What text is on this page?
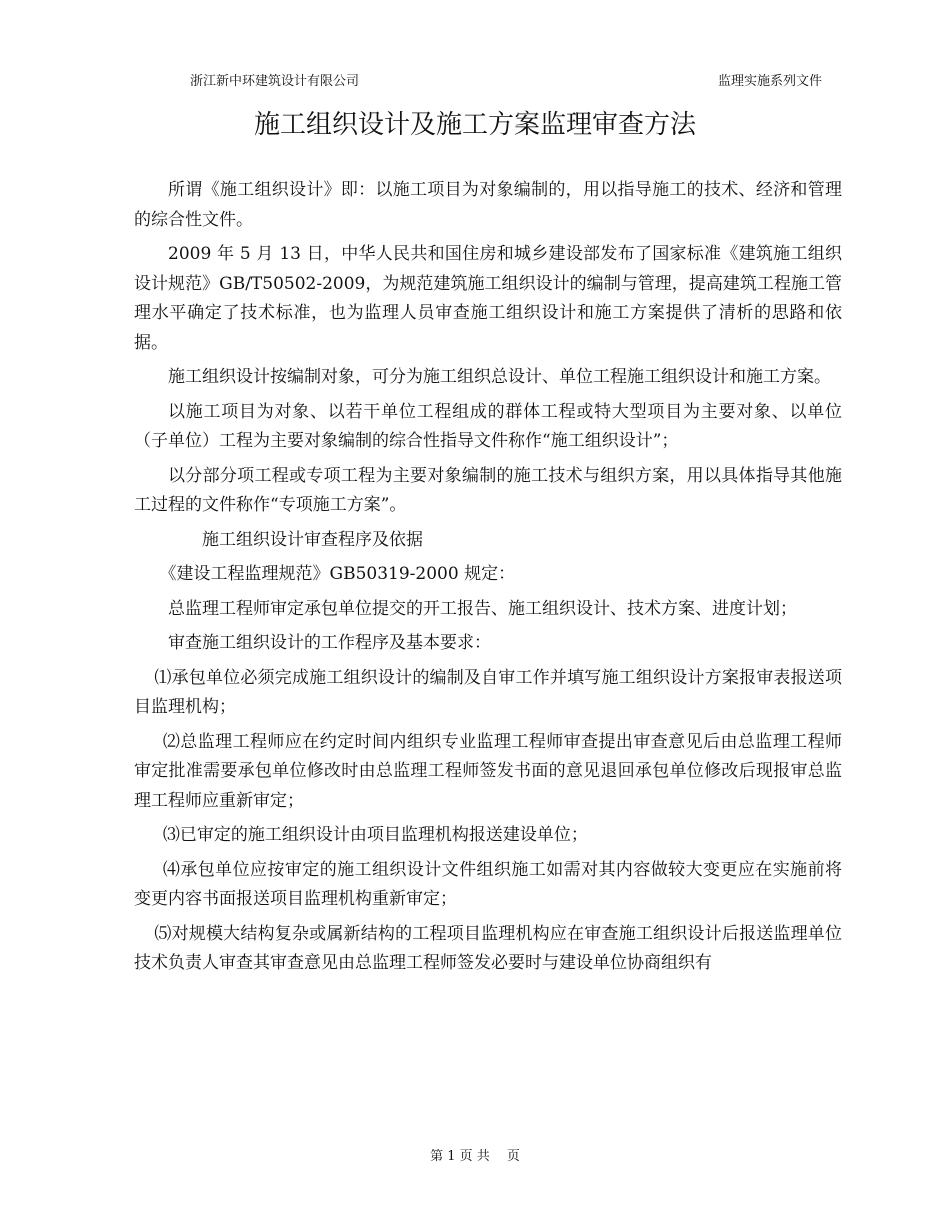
浙江新中环建筑设计有限公司	监理实施系列文件
施工组织设计及施工方案监理审查方法

所谓《施工组织设计》即：以施工项目为对象编制的，用以指导施工的技术、经济和管理的综合性文件。

2009 年 5 月 13 日，中华人民共和国住房和城乡建设部发布了国家标准《建筑施工组织设计规范》GB/T50502-2009，为规范建筑施工组织设计的编制与管理，提高建筑工程施工管理水平确定了技术标准，也为监理人员审查施工组织设计和施工方案提供了清析的思路和依据。

施工组织设计按编制对象，可分为施工组织总设计、单位工程施工组织设计和施工方案。

以施工项目为对象、以若干单位工程组成的群体工程或特大型项目为主要对象、以单位（子单位）工程为主要对象编制的综合性指导文件称作“施工组织设计”；

以分部分项工程或专项工程为主要对象编制的施工技术与组织方案，用以具体指导其他施工过程的文件称作“专项施工方案”。

施工组织设计审查程序及依据

《建设工程监理规范》GB50319-2000 规定：

总监理工程师审定承包单位提交的开工报告、施工组织设计、技术方案、进度计划；

审查施工组织设计的工作程序及基本要求：

⑴承包单位必须完成施工组织设计的编制及自审工作并填写施工组织设计方案报审表报送项目监理机构；

⑵总监理工程师应在约定时间内组织专业监理工程师审查提出审查意见后由总监理工程师审定批准需要承包单位修改时由总监理工程师签发书面的意见退回承包单位修改后现报审总监理工程师应重新审定；

⑶已审定的施工组织设计由项目监理机构报送建设单位；

⑷承包单位应按审定的施工组织设计文件组织施工如需对其内容做较大变更应在实施前将变更内容书面报送项目监理机构重新审定；

⑸对规模大结构复杂或属新结构的工程项目监理机构应在审查施工组织设计后报送监理单位技术负责人审查其审查意见由总监理工程师签发必要时与建设单位协商组织有

第 1 页 共　 页
